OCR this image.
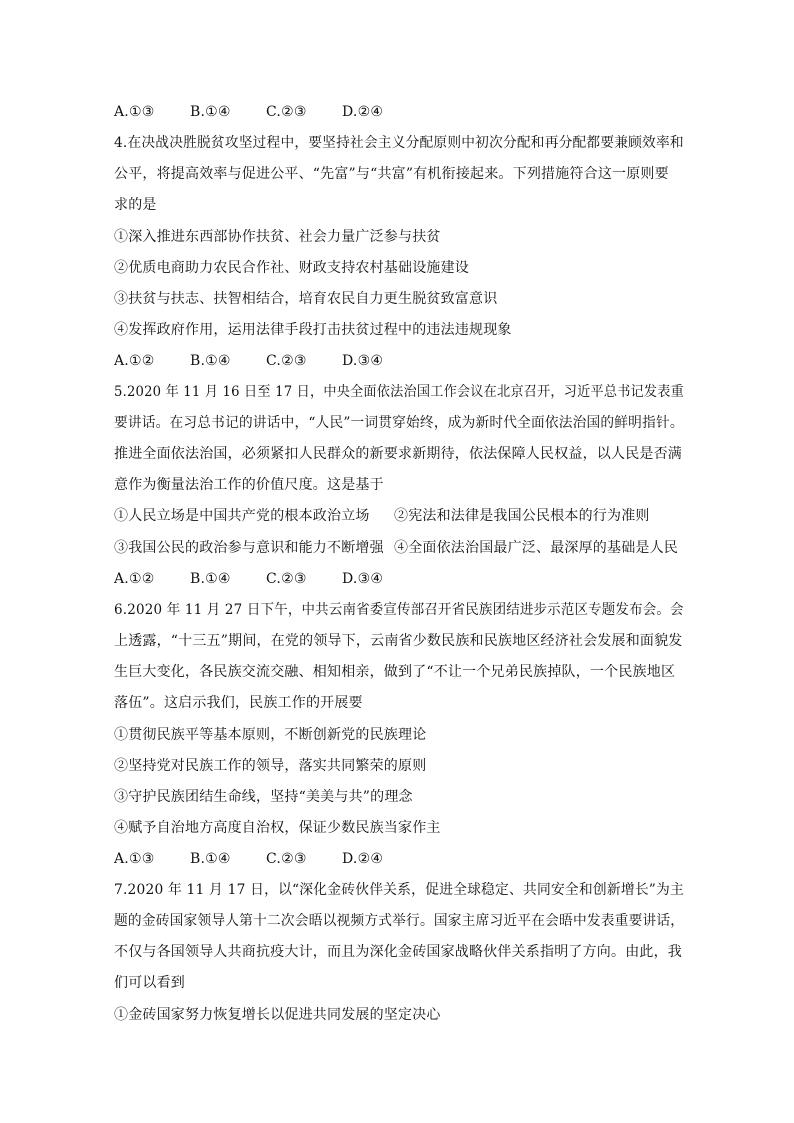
A.①③	B.①④	C.②③	D.②④
4.在决战决胜脱贫攻坚过程中，要坚持社会主义分配原则中初次分配和再分配都要兼顾效率和
公平，将提高效率与促进公平、“先富”与“共富”有机衔接起来。下列措施符合这一原则要
求的是
①深入推进东西部协作扶贫、社会力量广泛参与扶贫
②优质电商助力农民合作社、财政支持农村基础设施建设
③扶贫与扶志、扶智相结合，培育农民自力更生脱贫致富意识
④发挥政府作用，运用法律手段打击扶贫过程中的违法违规现象
A.①②	B.①④	C.②③	D.③④
5.2020 年 11 月 16 日至 17 日，中央全面依法治国工作会议在北京召开，习近平总书记发表重
要讲话。在习总书记的讲话中，“人民”一词贯穿始终，成为新时代全面依法治国的鲜明指针。
推进全面依法治国，必须紧扣人民群众的新要求新期待，依法保障人民权益，以人民是否满
意作为衡量法治工作的价值尺度。这是基于
①人民立场是中国共产党的根本政治立场 ②宪法和法律是我国公民根本的行为准则
③我国公民的政治参与意识和能力不断增强 ④全面依法治国最广泛、最深厚的基础是人民
A.①②	B.①④	C.②③	D.③④
6.2020 年 11 月 27 日下午，中共云南省委宣传部召开省民族团结进步示范区专题发布会。会
上透露，“十三五”期间，在党的领导下，云南省少数民族和民族地区经济社会发展和面貌发
生巨大变化，各民族交流交融、相知相亲，做到了“不让一个兄弟民族掉队，一个民族地区
落伍”。这启示我们，民族工作的开展要
①贯彻民族平等基本原则，不断创新党的民族理论
②坚持党对民族工作的领导，落实共同繁荣的原则
③守护民族团结生命线，坚持“美美与共”的理念
④赋予自治地方高度自治权，保证少数民族当家作主
A.①③	B.①④	C.②③	D.②④
7.2020 年 11 月 17 日，以“深化金砖伙伴关系，促进全球稳定、共同安全和创新增长”为主
题的金砖国家领导人第十二次会晤以视频方式举行。国家主席习近平在会晤中发表重要讲话，
不仅与各国领导人共商抗疫大计，而且为深化金砖国家战略伙伴关系指明了方向。由此，我
们可以看到
①金砖国家努力恢复增长以促进共同发展的坚定决心
